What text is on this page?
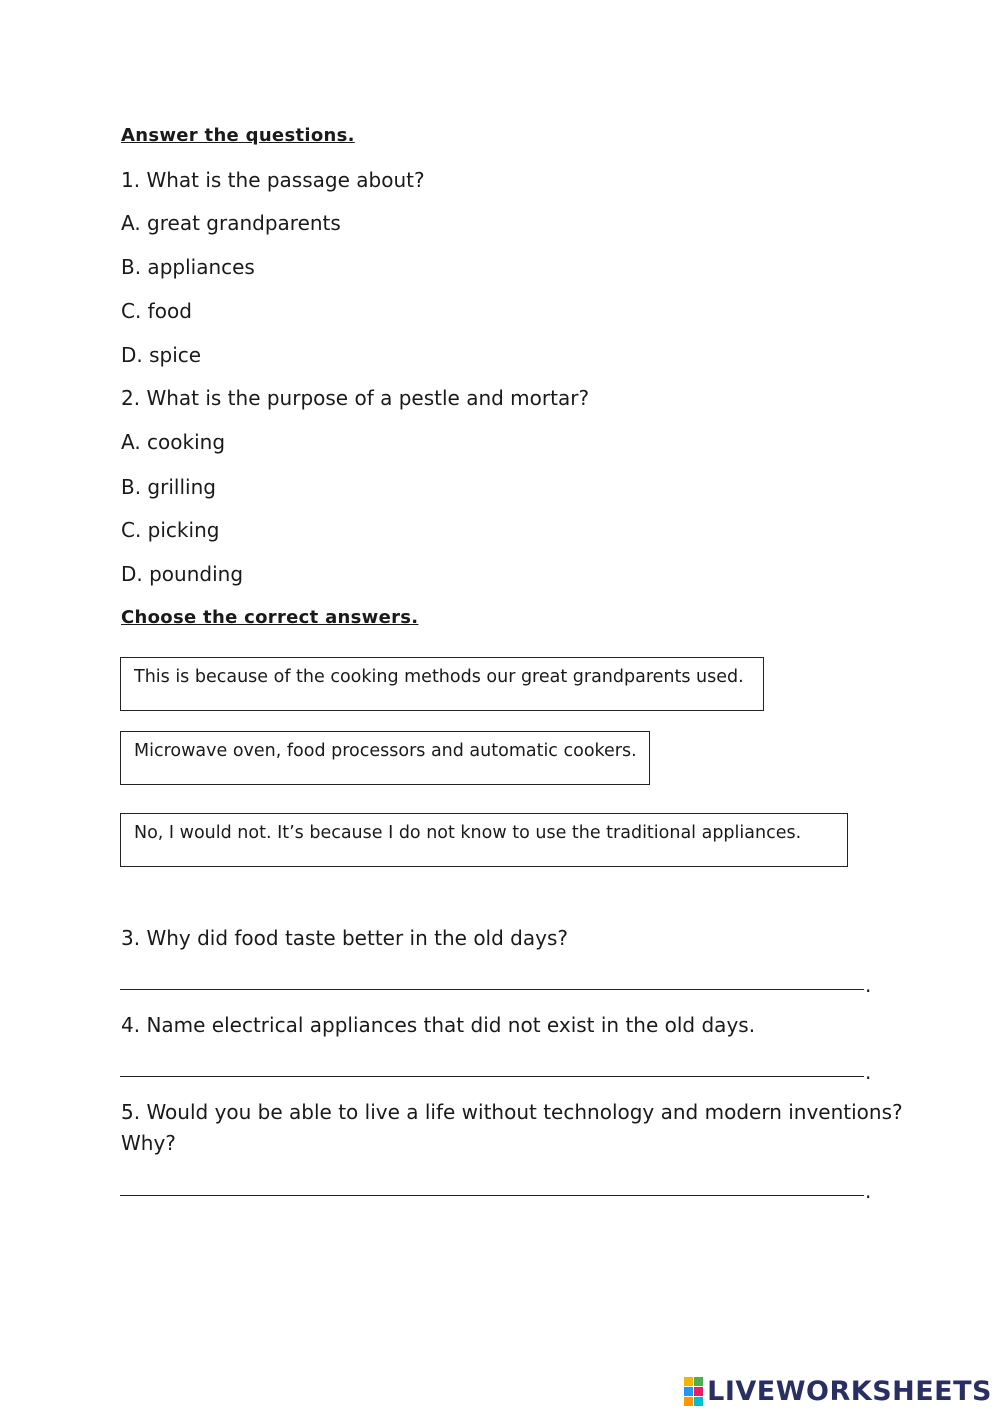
Answer the questions.
1. What is the passage about?
A. great grandparents
B. appliances
C. food
D. spice
2. What is the purpose of a pestle and mortar?
A. cooking
B. grilling
C. picking
D. pounding
Choose the correct answers.
This is because of the cooking methods our great grandparents used.
Microwave oven, food processors and automatic cookers.
No, I would not. It’s because I do not know to use the traditional appliances.
3. Why did food taste better in the old days?
.
4. Name electrical appliances that did not exist in the old days.
.
5. Would you be able to live a life without technology and modern inventions?
Why?
.
LIVEWORKSHEETS
